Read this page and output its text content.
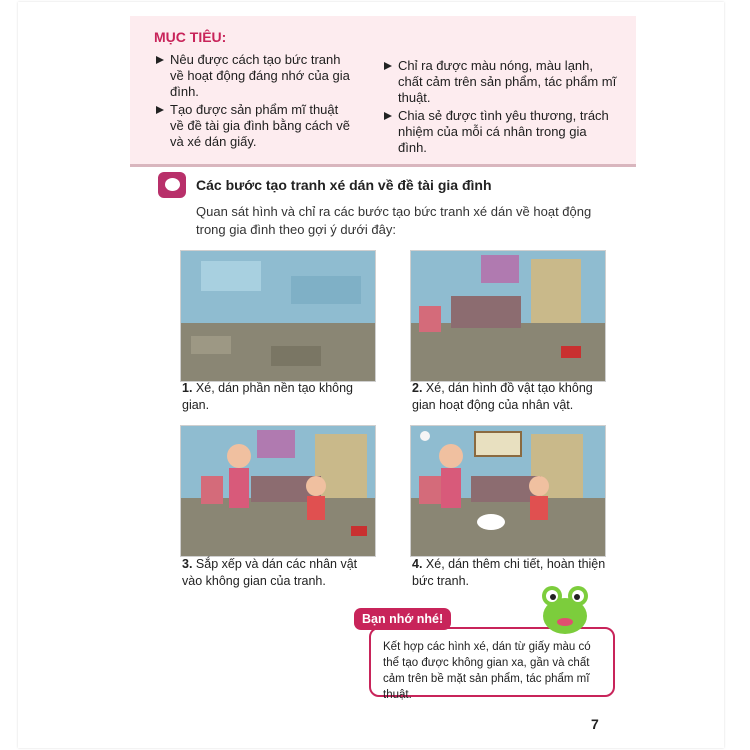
MỤC TIÊU:
Nêu được cách tạo bức tranh về hoạt động đáng nhớ của gia đình.
Tạo được sản phẩm mĩ thuật về đề tài gia đình bằng cách vẽ và xé dán giấy.
Chỉ ra được màu nóng, màu lạnh, chất cảm trên sản phẩm, tác phẩm mĩ thuật.
Chia sẻ được tình yêu thương, trách nhiệm của mỗi cá nhân trong gia đình.
Các bước tạo tranh xé dán về đề tài gia đình
Quan sát hình và chỉ ra các bước tạo bức tranh xé dán về hoạt động trong gia đình theo gợi ý dưới đây:
1. Xé, dán phần nền tạo không gian.
2. Xé, dán hình đồ vật tạo không gian hoạt động của nhân vật.
3. Sắp xếp và dán các nhân vật vào không gian của tranh.
4. Xé, dán thêm chi tiết, hoàn thiện bức tranh.
Kết hợp các hình xé, dán từ giấy màu có thể tạo được không gian xa, gần và chất cảm trên bề mặt sản phẩm, tác phẩm mĩ thuật.
Bạn nhớ nhé!
7
